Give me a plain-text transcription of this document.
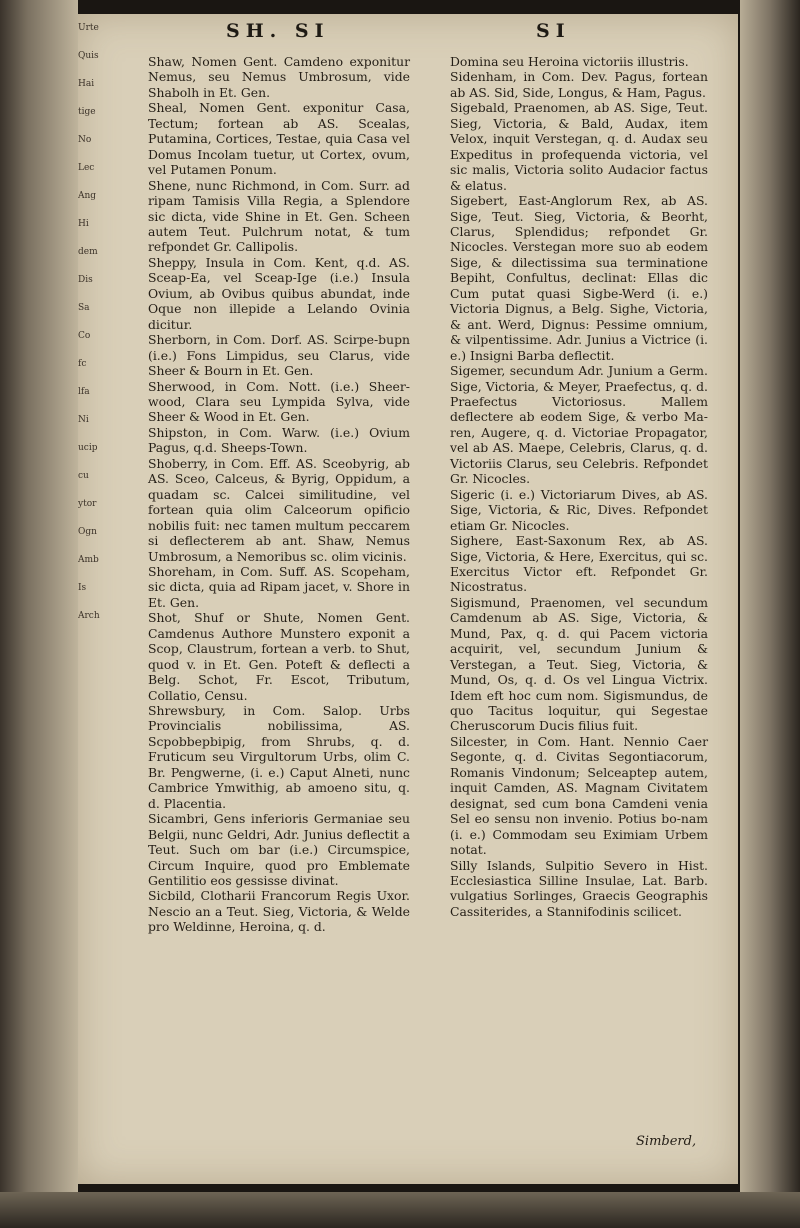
Urte
Quis
Hai
tige
No
Lec
Ang
Hi
dem
Dis
Sa
Co
fc
lfa
Ni
ucip
cu
ytor
Ogn
Amb
Is
Arch
SH. SI	SI

Shaw, Nomen Gent. Camdeno exponitur Nemus, seu Nemus Umbrosum, vide Shabolh in Et. Gen.

Sheal, Nomen Gent. exponitur Casa, Tectum; fortean ab AS. Scealas, Putamina, Cortices, Testae, quia Casa vel Domus Incolam tuetur, ut Cortex, ovum, vel Putamen Ponum.

Shene, nunc Richmond, in Com. Surr. ad ripam Tamisis Villa Regia, a Splendore sic dicta, vide Shine in Et. Gen. Scheen autem Teut. Pulchrum notat, & tum refpondet Gr. Callipolis.

Sheppy, Insula in Com. Kent, q.d. AS. Sceap-Ea, vel Sceap-Ige (i.e.) Insula Ovium, ab Ovibus quibus abundat, inde Oque non illepide a Lelando Ovinia dicitur.

Sherborn, in Com. Dorf. AS. Scirpe-bupn (i.e.) Fons Limpidus, seu Clarus, vide Sheer & Bourn in Et. Gen.

Sherwood, in Com. Nott. (i.e.) Sheer-wood, Clara seu Lympida Sylva, vide Sheer & Wood in Et. Gen.

Shipston, in Com. Warw. (i.e.) Ovium Pagus, q.d. Sheeps-Town.

Shoberry, in Com. Eff. AS. Sceobyrig, ab AS. Sceo, Calceus, & Byrig, Oppidum, a quadam sc. Calcei similitudine, vel fortean quia olim Calceorum opificio nobilis fuit: nec tamen multum peccarem si deflecterem ab ant. Shaw, Nemus Umbrosum, a Nemoribus sc. olim vicinis.

Shoreham, in Com. Suff. AS. Scopeham, sic dicta, quia ad Ripam jacet, v. Shore in Et. Gen.

Shot, Shuf or Shute, Nomen Gent. Camdenus Authore Munstero exponit a Scop, Claustrum, fortean a verb. to Shut, quod v. in Et. Gen. Poteft & deflecti a Belg. Schot, Fr. Escot, Tributum, Collatio, Censu.

Shrewsbury, in Com. Salop. Urbs Provincialis nobilissima, AS. Scpobbepbipig, from Shrubs, q. d. Fruticum seu Virgultorum Urbs, olim C. Br. Pengwerne, (i. e.) Caput Alneti, nunc Cambrice Ymwithig, ab amoeno situ, q. d. Placentia.

Sicambri, Gens inferioris Germaniae seu Belgii, nunc Geldri, Adr. Junius deflectit a Teut. Such om bar (i.e.) Circumspice, Circum Inquire, quod pro Emblemate Gentilitio eos gessisse divinat.

Sicbild, Clotharii Francorum Regis Uxor. Nescio an a Teut. Sieg, Victoria, & Welde pro Weldinne, Heroina, q. d.

Domina seu Heroina victoriis illustris.

Sidenham, in Com. Dev. Pagus, fortean ab AS. Sid, Side, Longus, & Ham, Pagus.

Sigebald, Praenomen, ab AS. Sige, Teut. Sieg, Victoria, & Bald, Audax, item Velox, inquit Verstegan, q. d. Audax seu Expeditus in profequenda victoria, vel sic malis, Victoria solito Audacior factus & elatus.

Sigebert, East-Anglorum Rex, ab AS. Sige, Teut. Sieg, Victoria, & Beorht, Clarus, Splendidus; refpondet Gr. Nicocles. Verstegan more suo ab eodem Sige, & dilectissima sua terminatione Bepiht, Confultus, declinat: Ellas dic Cum putat quasi Sigbe-Werd (i. e.) Victoria Dignus, a Belg. Sighe, Victoria, & ant. Werd, Dignus: Pessime omnium, & vilpentissime. Adr. Junius a Victrice (i. e.) Insigni Barba deflectit.

Sigemer, secundum Adr. Junium a Germ. Sige, Victoria, & Meyer, Praefectus, q. d. Praefectus Victoriosus. Mallem deflectere ab eodem Sige, & verbo Ma-ren, Augere, q. d. Victoriae Propagator, vel ab AS. Maepe, Celebris, Clarus, q. d. Victoriis Clarus, seu Celebris. Refpondet Gr. Nicocles.

Sigeric (i. e.) Victoriarum Dives, ab AS. Sige, Victoria, & Ric, Dives. Refpondet etiam Gr. Nicocles.

Sighere, East-Saxonum Rex, ab AS. Sige, Victoria, & Here, Exercitus, qui sc. Exercitus Victor eft. Refpondet Gr. Nicostratus.

Sigismund, Praenomen, vel secundum Camdenum ab AS. Sige, Victoria, & Mund, Pax, q. d. qui Pacem victoria acquirit, vel, secundum Junium & Verstegan, a Teut. Sieg, Victoria, & Mund, Os, q. d. Os vel Lingua Victrix. Idem eft hoc cum nom. Sigismundus, de quo Tacitus loquitur, qui Segestae Cheruscorum Ducis filius fuit.

Silcester, in Com. Hant. Nennio Caer Segonte, q. d. Civitas Segontiacorum, Romanis Vindonum; Selceaptep autem, inquit Camden, AS. Magnam Civitatem designat, sed cum bona Camdeni venia Sel eo sensu non invenio. Potius bo-nam (i. e.) Commodam seu Eximiam Urbem notat.

Silly Islands, Sulpitio Severo in Hist. Ecclesiastica Silline Insulae, Lat. Barb. vulgatius Sorlinges, Graecis Geographis Cassiterides, a Stannifodinis scilicet.

Simberd,
